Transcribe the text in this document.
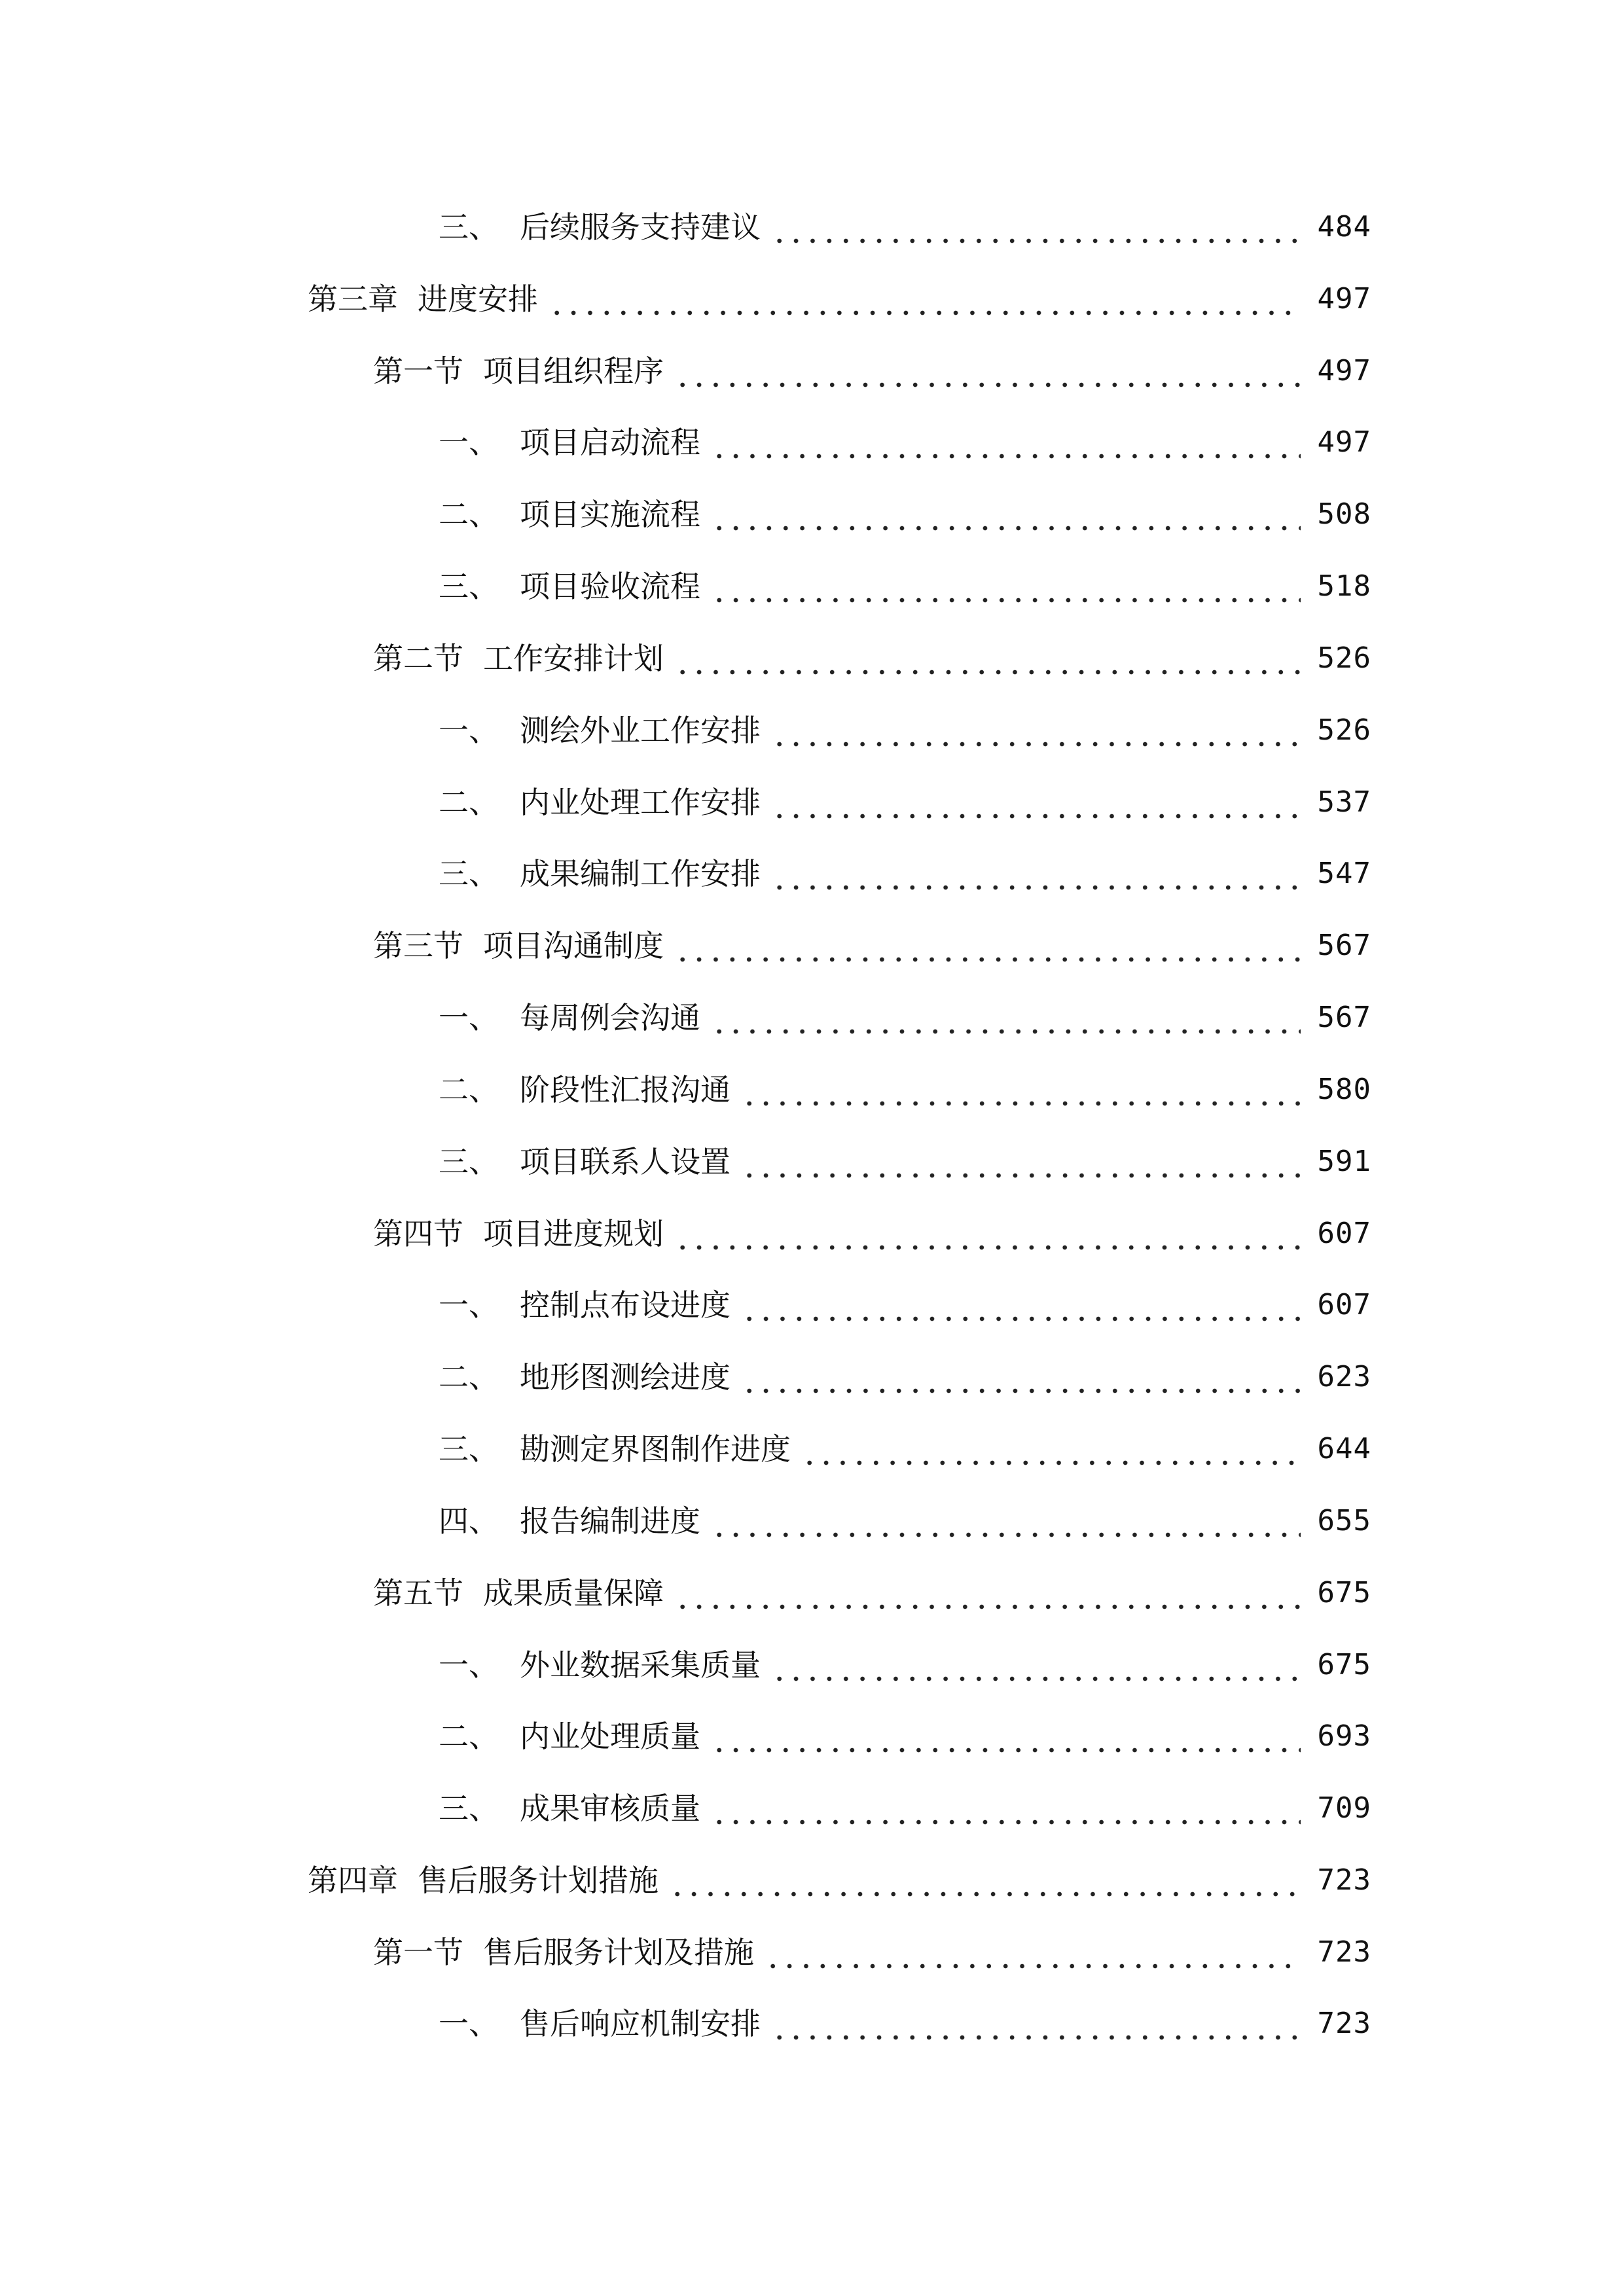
三、 后续服务支持建议	484
第三章 进度安排	497
第一节 项目组织程序	497
一、 项目启动流程	497
二、 项目实施流程	508
三、 项目验收流程	518
第二节 工作安排计划	526
一、 测绘外业工作安排	526
二、 内业处理工作安排	537
三、 成果编制工作安排	547
第三节 项目沟通制度	567
一、 每周例会沟通	567
二、 阶段性汇报沟通	580
三、 项目联系人设置	591
第四节 项目进度规划	607
一、 控制点布设进度	607
二、 地形图测绘进度	623
三、 勘测定界图制作进度	644
四、 报告编制进度	655
第五节 成果质量保障	675
一、 外业数据采集质量	675
二、 内业处理质量	693
三、 成果审核质量	709
第四章 售后服务计划措施	723
第一节 售后服务计划及措施	723
一、 售后响应机制安排	723
